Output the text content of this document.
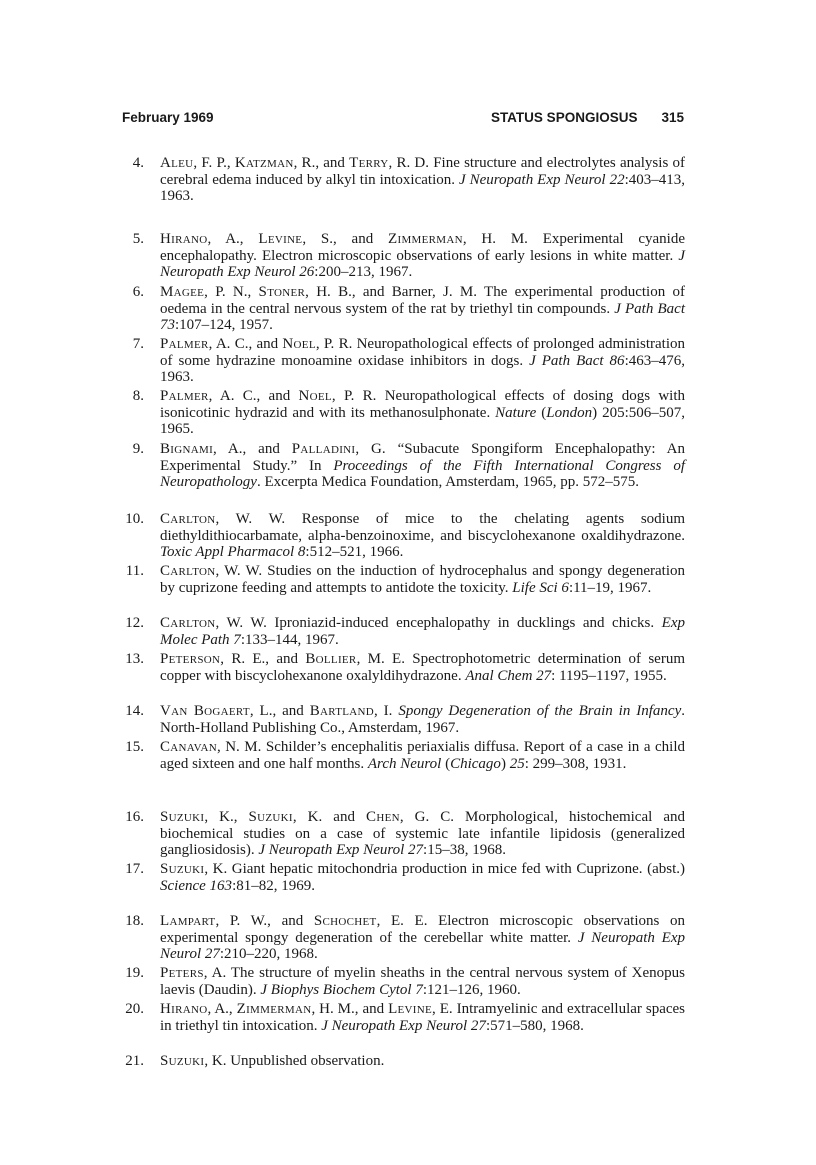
February 1969	STATUS SPONGIOSUS 315
4. Aleu, F. P., Katzman, R., and Terry, R. D. Fine structure and electrolytes analysis of cerebral edema induced by alkyl tin intoxication. J Neuropath Exp Neurol 22:403–413, 1963.
5. Hirano, A., Levine, S., and Zimmerman, H. M. Experimental cyanide encephalopathy. Electron microscopic observations of early lesions in white matter. J Neuropath Exp Neurol 26:200–213, 1967.
6. Magee, P. N., Stoner, H. B., and Barner, J. M. The experimental production of oedema in the central nervous system of the rat by triethyl tin compounds. J Path Bact 73:107–124, 1957.
7. Palmer, A. C., and Noel, P. R. Neuropathological effects of prolonged administration of some hydrazine monoamine oxidase inhibitors in dogs. J Path Bact 86:463–476, 1963.
8. Palmer, A. C., and Noel, P. R. Neuropathological effects of dosing dogs with isonicotinic hydrazid and with its methanosulphonate. Nature (London) 205:506–507, 1965.
9. Bignami, A., and Palladini, G. “Subacute Spongiform Encephalopathy: An Experimental Study.” In Proceedings of the Fifth International Congress of Neuropathology. Excerpta Medica Foundation, Amsterdam, 1965, pp. 572–575.
10. Carlton, W. W. Response of mice to the chelating agents sodium diethyldithiocarbamate, alpha-benzoinoxime, and biscyclohexanone oxaldihydrazone. Toxic Appl Pharmacol 8:512–521, 1966.
11. Carlton, W. W. Studies on the induction of hydrocephalus and spongy degeneration by cuprizone feeding and attempts to antidote the toxicity. Life Sci 6:11–19, 1967.
12. Carlton, W. W. Iproniazid-induced encephalopathy in ducklings and chicks. Exp Molec Path 7:133–144, 1967.
13. Peterson, R. E., and Bollier, M. E. Spectrophotometric determination of serum copper with biscyclohexanone oxalyldihydrazone. Anal Chem 27: 1195–1197, 1955.
14. Van Bogaert, L., and Bartland, I. Spongy Degeneration of the Brain in Infancy. North-Holland Publishing Co., Amsterdam, 1967.
15. Canavan, N. M. Schilder’s encephalitis periaxialis diffusa. Report of a case in a child aged sixteen and one half months. Arch Neurol (Chicago) 25: 299–308, 1931.
16. Suzuki, K., Suzuki, K. and Chen, G. C. Morphological, histochemical and biochemical studies on a case of systemic late infantile lipidosis (generalized gangliosidosis). J Neuropath Exp Neurol 27:15–38, 1968.
17. Suzuki, K. Giant hepatic mitochondria production in mice fed with Cuprizone. (abst.) Science 163:81–82, 1969.
18. Lampart, P. W., and Schochet, E. E. Electron microscopic observations on experimental spongy degeneration of the cerebellar white matter. J Neuropath Exp Neurol 27:210–220, 1968.
19. Peters, A. The structure of myelin sheaths in the central nervous system of Xenopus laevis (Daudin). J Biophys Biochem Cytol 7:121–126, 1960.
20. Hirano, A., Zimmerman, H. M., and Levine, E. Intramyelinic and extracellular spaces in triethyl tin intoxication. J Neuropath Exp Neurol 27:571–580, 1968.
21. Suzuki, K. Unpublished observation.
